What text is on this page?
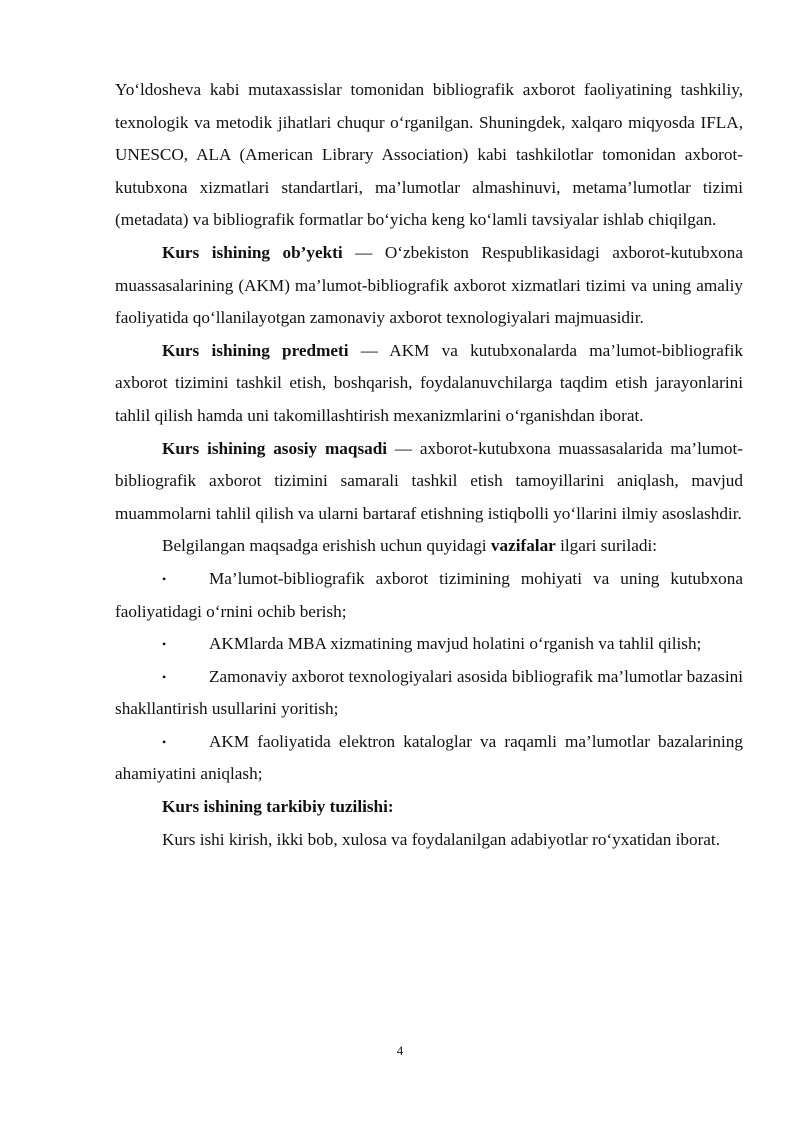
Yo‘ldosheva kabi mutaxassislar tomonidan bibliografik axborot faoliyatining tashkiliy, texnologik va metodik jihatlari chuqur o‘rganilgan. Shuningdek, xalqaro miqyosda IFLA, UNESCO, ALA (American Library Association) kabi tashkilotlar tomonidan axborot-kutubxona xizmatlari standartlari, ma’lumotlar almashinuvi, metama’lumotlar tizimi (metadata) va bibliografik formatlar bo‘yicha keng ko‘lamli tavsiyalar ishlab chiqilgan.

Kurs ishining ob’yekti — O‘zbekiston Respublikasidagi axborot-kutubxona muassasalarining (AKM) ma’lumot-bibliografik axborot xizmatlari tizimi va uning amaliy faoliyatida qo‘llanilayotgan zamonaviy axborot texnologiyalari majmuasidir.

Kurs ishining predmeti — AKM va kutubxonalarda ma’lumot-bibliografik axborot tizimini tashkil etish, boshqarish, foydalanuvchilarga taqdim etish jarayonlarini tahlil qilish hamda uni takomillashtirish mexanizmlarini o‘rganishdan iborat.

Kurs ishining asosiy maqsadi — axborot-kutubxona muassasalarida ma’lumot-bibliografik axborot tizimini samarali tashkil etish tamoyillarini aniqlash, mavjud muammolarni tahlil qilish va ularni bartaraf etishning istiqbolli yo‘llarini ilmiy asoslashdir.

Belgilangan maqsadga erishish uchun quyidagi vazifalar ilgari suriladi:

• Ma’lumot-bibliografik axborot tizimining mohiyati va uning kutubxona faoliyatidagi o‘rnini ochib berish;

• AKMlarda MBA xizmatining mavjud holatini o‘rganish va tahlil qilish;

• Zamonaviy axborot texnologiyalari asosida bibliografik ma’lumotlar bazasini shakllantirish usullarini yoritish;

• AKM faoliyatida elektron kataloglar va raqamli ma’lumotlar bazalarining ahamiyatini aniqlash;

Kurs ishining tarkibiy tuzilishi:

Kurs ishi kirish, ikki bob, xulosa va foydalanilgan adabiyotlar ro‘yxatidan iborat.

4
